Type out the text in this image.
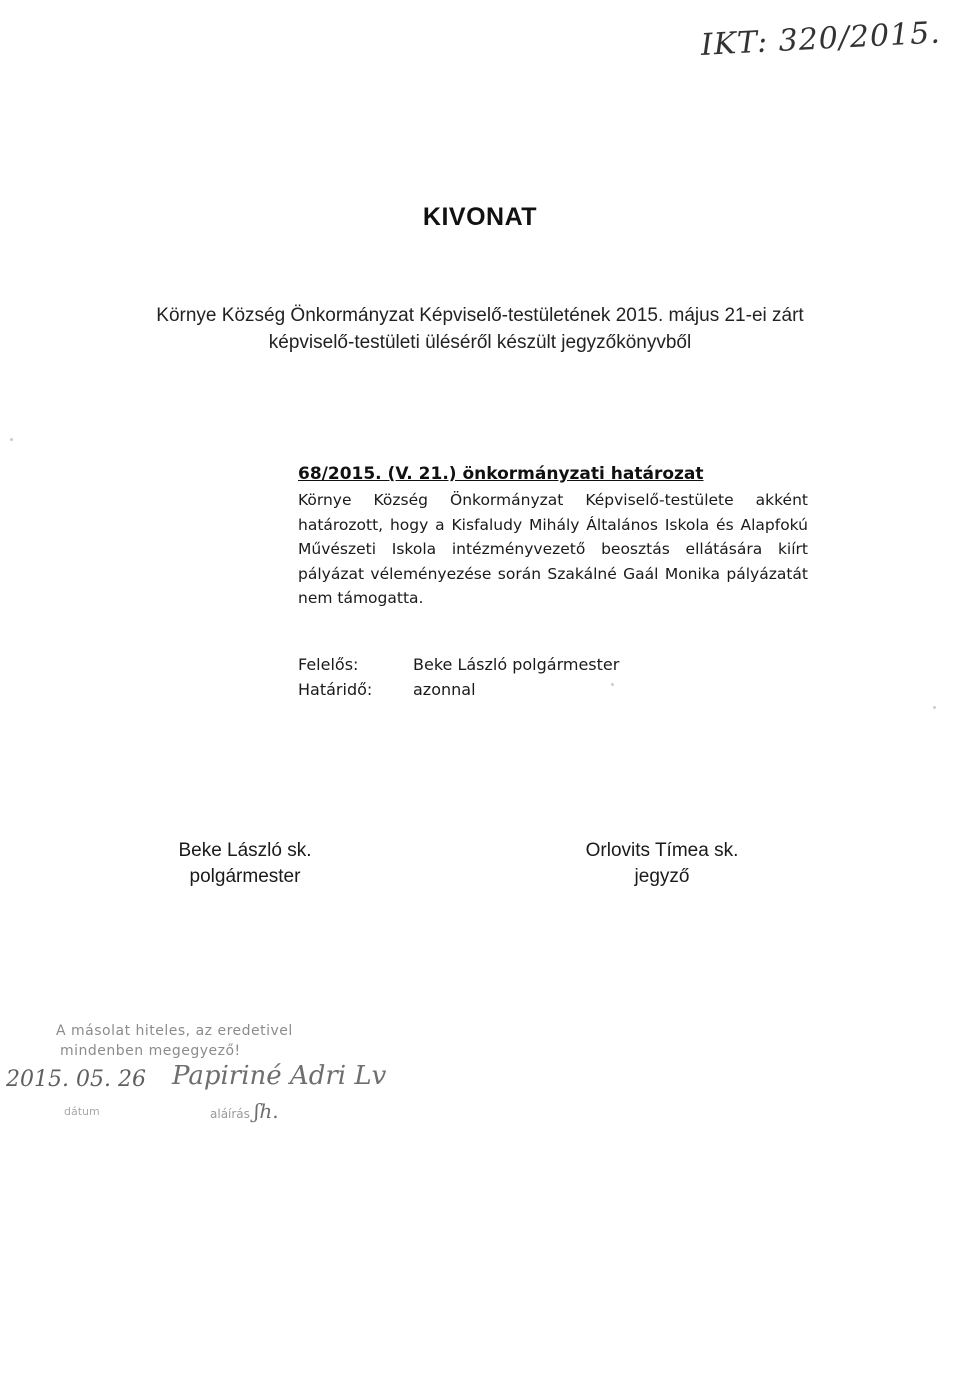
IKT: 320/2015.
KIVONAT
Környe Község Önkormányzat Képviselő-testületének 2015. május 21-ei zárt
képviselő-testületi üléséről készült jegyzőkönyvből
68/2015. (V. 21.) önkormányzati határozat
Környe Község Önkormányzat Képviselő-testülete akként határozott, hogy a Kisfaludy Mihály Általános Iskola és Alapfokú Művészeti Iskola intézményvezető beosztás ellátására kiírt pályázat véleményezése során Szakálné Gaál Monika pályázatát nem támogatta.
Felelős:	Beke László polgármester
Határidő:	azonnal
Beke László sk.
polgármester
Orlovits Tímea sk.
jegyző
A másolat hiteles, az eredetivel
mindenben megegyező!
2015. 05. 26 Papiriné Adri Lv
dátum	aláírás ʃh.
